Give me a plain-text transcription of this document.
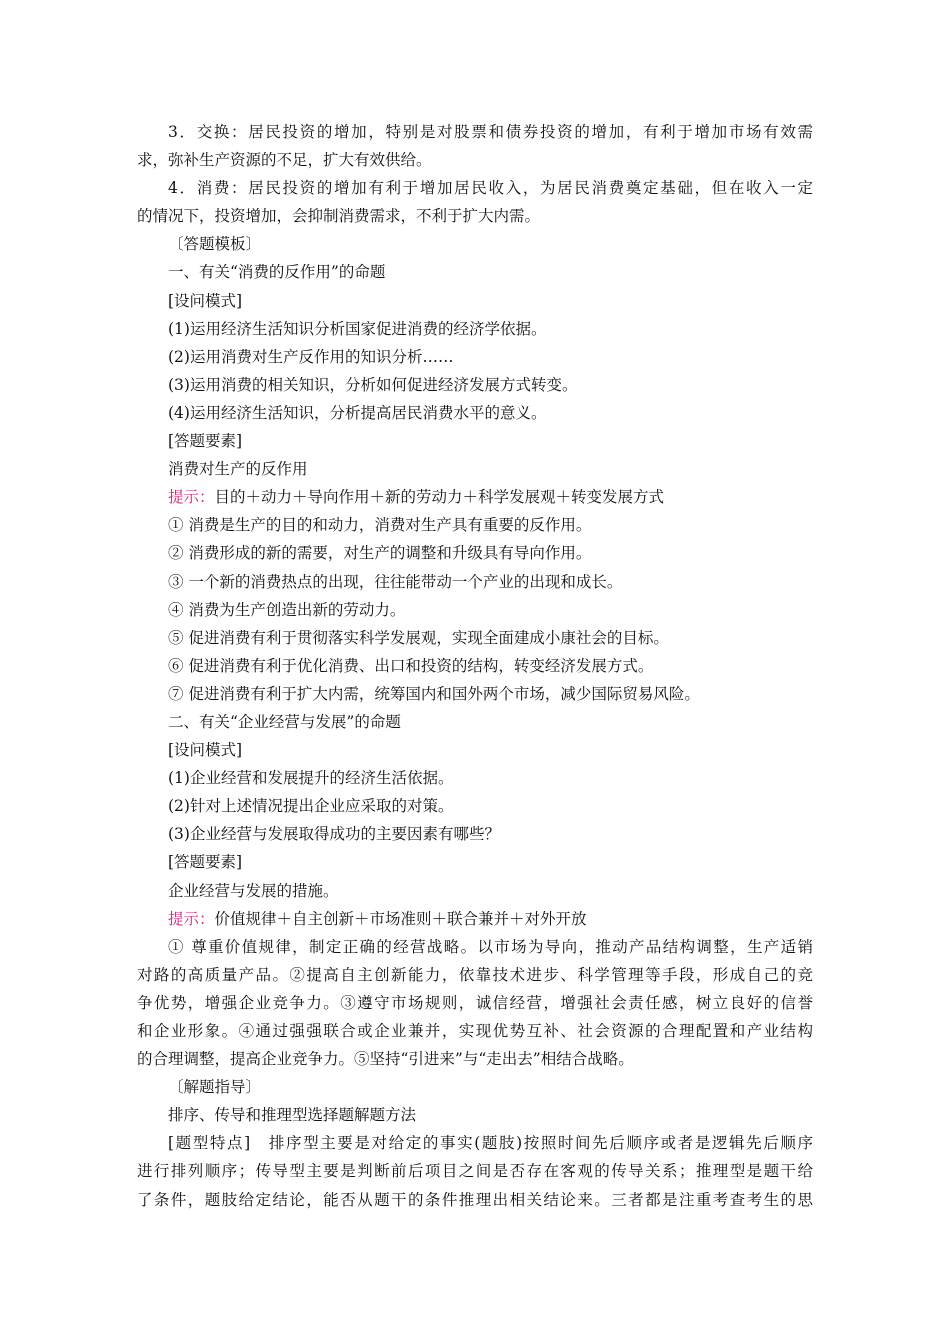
3．交换：居民投资的增加，特别是对股票和债券投资的增加，有利于增加市场有效需

求，弥补生产资源的不足，扩大有效供给。

4．消费：居民投资的增加有利于增加居民收入，为居民消费奠定基础，但在收入一定

的情况下，投资增加，会抑制消费需求，不利于扩大内需。

〔答题模板〕

一、有关“消费的反作用”的命题

[设问模式]

(1)运用经济生活知识分析国家促进消费的经济学依据。

(2)运用消费对生产反作用的知识分析……

(3)运用消费的相关知识，分析如何促进经济发展方式转变。

(4)运用经济生活知识，分析提高居民消费水平的意义。

[答题要素]

消费对生产的反作用

提示：目的＋动力＋导向作用＋新的劳动力＋科学发展观＋转变发展方式

① 消费是生产的目的和动力，消费对生产具有重要的反作用。

② 消费形成的新的需要，对生产的调整和升级具有导向作用。

③ 一个新的消费热点的出现，往往能带动一个产业的出现和成长。

④ 消费为生产创造出新的劳动力。

⑤ 促进消费有利于贯彻落实科学发展观，实现全面建成小康社会的目标。

⑥ 促进消费有利于优化消费、出口和投资的结构，转变经济发展方式。

⑦ 促进消费有利于扩大内需，统筹国内和国外两个市场，减少国际贸易风险。

二、有关“企业经营与发展”的命题

[设问模式]

(1)企业经营和发展提升的经济生活依据。

(2)针对上述情况提出企业应采取的对策。

(3)企业经营与发展取得成功的主要因素有哪些？

[答题要素]

企业经营与发展的措施。

提示：价值规律＋自主创新＋市场准则＋联合兼并＋对外开放

① 尊重价值规律，制定正确的经营战略。以市场为导向，推动产品结构调整，生产适销

对路的高质量产品。②提高自主创新能力，依靠技术进步、科学管理等手段，形成自己的竞

争优势，增强企业竞争力。③遵守市场规则，诚信经营，增强社会责任感，树立良好的信誉

和企业形象。④通过强强联合或企业兼并，实现优势互补、社会资源的合理配置和产业结构

的合理调整，提高企业竞争力。⑤坚持“引进来”与“走出去”相结合战略。

〔解题指导〕

排序、传导和推理型选择题解题方法

[题型特点]　排序型主要是对给定的事实(题肢)按照时间先后顺序或者是逻辑先后顺序

进行排列顺序；传导型主要是判断前后项目之间是否存在客观的传导关系；推理型是题干给

了条件，题肢给定结论，能否从题干的条件推理出相关结论来。三者都是注重考查考生的思
